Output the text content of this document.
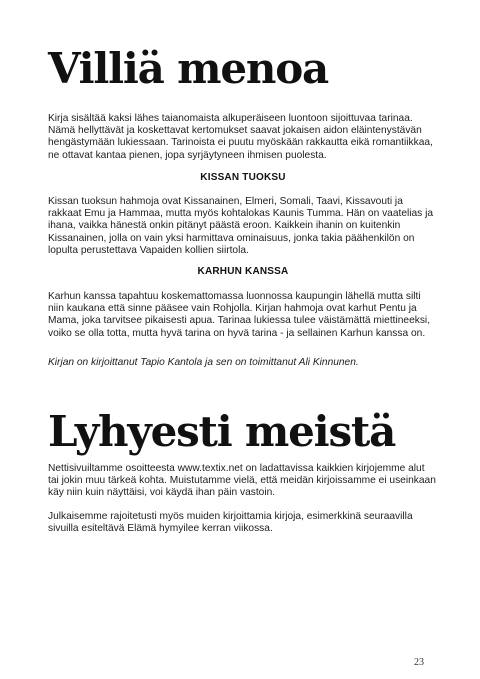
Villiä menoa

Kirja sisältää kaksi lähes taianomaista alkuperäiseen luontoon sijoittuvaa tarinaa. Nämä hellyttävät ja koskettavat kertomukset saavat jokaisen aidon eläintenystävän hengästymään lukiessaan. Tarinoista ei puutu myöskään rakkautta eikä romantiikkaa, ne ottavat kantaa pienen, jopa syrjäytyneen ihmisen puolesta.

KISSAN TUOKSU

Kissan tuoksun hahmoja ovat Kissanainen, Elmeri, Somali, Taavi, Kissavouti ja rakkaat Emu ja Hammaa, mutta myös kohtalokas Kaunis Tumma. Hän on vaatelias ja ihana, vaikka hänestä onkin pitänyt päästä eroon. Kaikkein ihanin on kuitenkin Kissanainen, jolla on vain yksi harmittava ominaisuus, jonka takia päähenkilön on lopulta perustettava Vapaiden kollien siirtola.

KARHUN KANSSA

Karhun kanssa tapahtuu koskemattomassa luonnossa kaupungin lähellä mutta silti niin kaukana että sinne pääsee vain Rohjolla. Kirjan hahmoja ovat karhut Pentu ja Mama, joka tarvitsee pikaisesti apua. Tarinaa lukiessa tulee väistämättä miettineeksi, voiko se olla totta, mutta hyvä tarina on hyvä tarina - ja sellainen Karhun kanssa on.

Kirjan on kirjoittanut Tapio Kantola ja sen on toimittanut Ali Kinnunen.

Lyhyesti meistä

Nettisivuiltamme osoitteesta www.textix.net on ladattavissa kaikkien kirjojemme alut tai jokin muu tärkeä kohta. Muistutamme vielä, että meidän kirjoissamme ei useinkaan käy niin kuin näyttäisi, voi käydä ihan päin vastoin.

Julkaisemme rajoitetusti myös muiden kirjoittamia kirjoja, esimerkkinä seuraavilla sivuilla esiteltävä Elämä hymyilee kerran viikossa.

23
